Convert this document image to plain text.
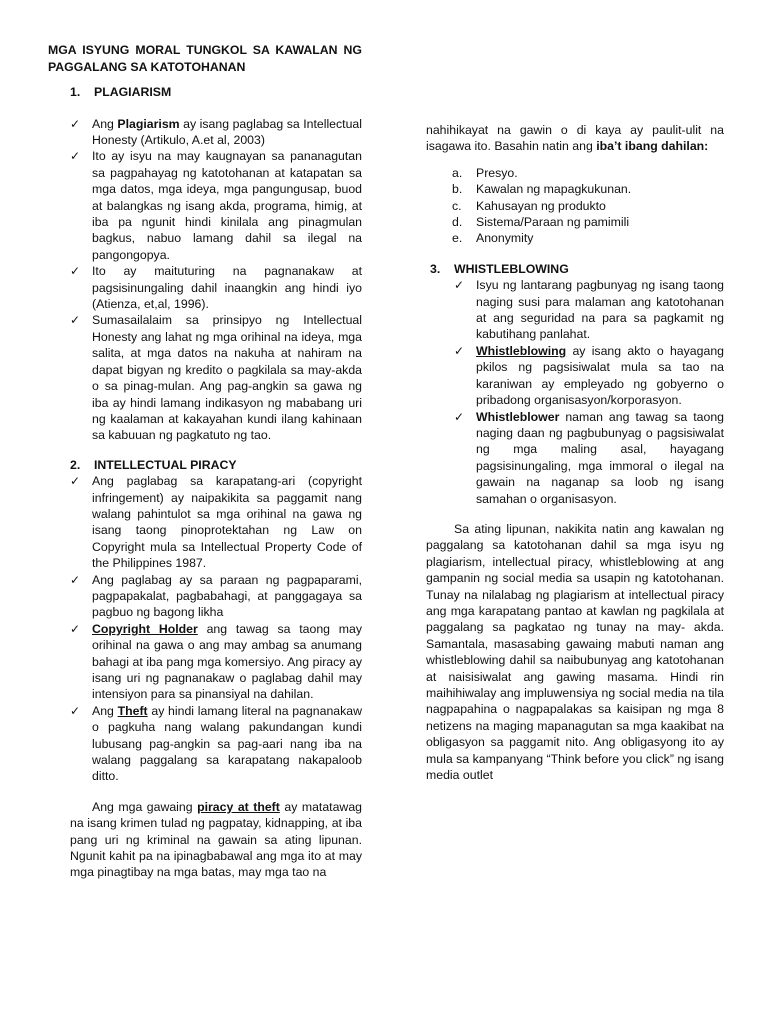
MGA ISYUNG MORAL TUNGKOL SA KAWALAN NG PAGGALANG SA KATOTOHANAN
1.	PLAGIARISM
✓ Ang Plagiarism ay isang paglabag sa Intellectual Honesty (Artikulo, A.et al, 2003)
✓ Ito ay isyu na may kaugnayan sa pananagutan sa pagpahayag ng katotohanan at katapatan sa mga datos, mga ideya, mga pangungusap, buod at balangkas ng isang akda, programa, himig, at iba pa ngunit hindi kinilala ang pinagmulan bagkus, nabuo lamang dahil sa ilegal na pangongopya.
✓ Ito ay maituturing na pagnanakaw at pagsisinungaling dahil inaangkin ang hindi iyo (Atienza, et,al, 1996).
✓ Sumasailalaim sa prinsipyo ng Intellectual Honesty ang lahat ng mga orihinal na ideya, mga salita, at mga datos na nakuha at nahiram na dapat bigyan ng kredito o pagkilala sa may-akda o sa pinag-mulan. Ang pag-angkin sa gawa ng iba ay hindi lamang indikasyon ng mababang uri ng kaalaman at kakayahan kundi ilang kahinaan sa kabuuan ng pagkatuto ng tao.
2.	INTELLECTUAL PIRACY
✓ Ang paglabag sa karapatang-ari (copyright infringement) ay naipakikita sa paggamit nang walang pahintulot sa mga orihinal na gawa ng isang taong pinoprotektahan ng Law on Copyright mula sa Intellectual Property Code of the Philippines 1987.
✓ Ang paglabag ay sa paraan ng pagpaparami, pagpapakalat, pagbabahagi, at panggagaya sa pagbuo ng bagong likha
✓ Copyright Holder ang tawag sa taong may orihinal na gawa o ang may ambag sa anumang bahagi at iba pang mga komersiyo. Ang piracy ay isang uri ng pagnanakaw o paglabag dahil may intensiyon para sa pinansiyal na dahilan.
✓ Ang Theft ay hindi lamang literal na pagnanakaw o pagkuha nang walang pakundangan kundi lubusang pag-angkin sa pag-aari nang iba na walang paggalang sa karapatang nakapaloob ditto.
Ang mga gawaing piracy at theft ay matatawag na isang krimen tulad ng pagpatay, kidnapping, at iba pang uri ng kriminal na gawain sa ating lipunan. Ngunit kahit pa na ipinagbabawal ang mga ito at may mga pinagtibay na mga batas, may mga tao na
nahihikayat na gawin o di kaya ay paulit-ulit na isagawa ito. Basahin natin ang iba’t ibang dahilan:
a.	Presyo.
b.	Kawalan ng mapagkukunan.
c.	Kahusayan ng produkto
d.	Sistema/Paraan ng pamimili
e.	Anonymity
3.	WHISTLEBLOWING
✓ Isyu ng lantarang pagbunyag ng isang taong naging susi para malaman ang katotohanan at ang seguridad na para sa pagkamit ng kabutihang panlahat.
✓ Whistleblowing ay isang akto o hayagang pkilos ng pagsisiwalat mula sa tao na karaniwan ay empleyado ng gobyerno o pribadong organisasyon/korporasyon.
✓ Whistleblower naman ang tawag sa taong naging daan ng pagbubunyag o pagsisiwalat ng mga maling asal, hayagang pagsisinungaling, mga immoral o ilegal na gawain na naganap sa loob ng isang samahan o organisasyon.
Sa ating lipunan, nakikita natin ang kawalan ng paggalang sa katotohanan dahil sa mga isyu ng plagiarism, intellectual piracy, whistleblowing at ang gampanin ng social media sa usapin ng katotohanan. Tunay na nilalabag ng plagiarism at intellectual piracy ang mga karapatang pantao at kawlan ng pagkilala at paggalang sa pagkatao ng tunay na may- akda. Samantala, masasabing gawaing mabuti naman ang whistleblowing dahil sa naibubunyag ang katotohanan at naisisiwalat ang gawing masama. Hindi rin maihihiwalay ang impluwensiya ng social media na tila nagpapahina o nagpapalakas sa kaisipan ng mga 8 netizens na maging mapanagutan sa mga kaakibat na obligasyon sa paggamit nito. Ang obligasyong ito ay mula sa kampanyang “Think before you click” ng isang media outlet
